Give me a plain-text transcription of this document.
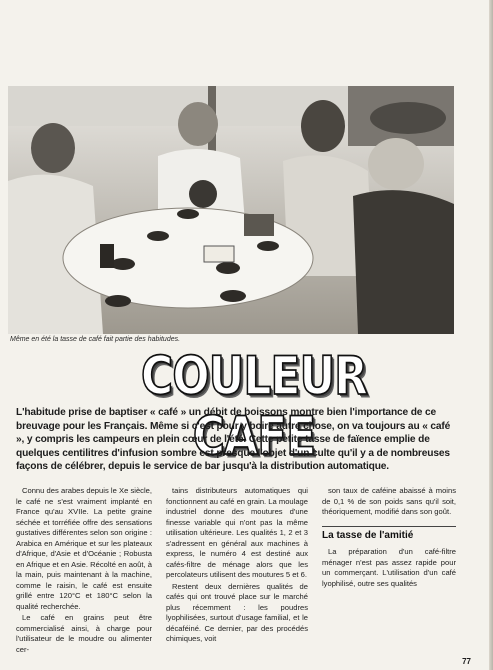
Même en été la tasse de café fait partie des habitudes.
COULEUR CAFE
L'habitude prise de baptiser « café » un débit de boissons montre bien l'importance de ce breuvage pour les Français. Même si c'est pour y boire autre chose, on va toujours au « café », y compris les campeurs en plein cœur de l'été. Cette petite tasse de faïence emplie de quelques centilitres d'infusion sombre est presque l'objet d'un culte qu'il y a de nombreuses façons de célébrer, depuis le service de bar jusqu'à la distribution automatique.

Connu des arabes depuis le Xe siècle, le café ne s'est vraiment implanté en France qu'au XVIIe. La petite graine séchée et torréfiée offre des sensations gustatives différentes selon son origine : Arabica en Amérique et sur les plateaux d'Afrique, d'Asie et d'Océanie ; Robusta en Afrique et en Asie. Récolté en août, à la main, puis maintenant à la machine, comme le raisin, le café est ensuite grillé entre 120°C et 180°C selon la qualité recherchée.

Le café en grains peut être commercialisé ainsi, à charge pour l'utilisateur de le moudre ou alimenter cer-

tains distributeurs automatiques qui fonctionnent au café en grain. La moulage industriel donne des moutures d'une finesse variable qui n'ont pas la même utilisation ultérieure. Les qualités 1, 2 et 3 s'adressent en général aux machines à express, le numéro 4 est destiné aux cafés-filtre de ménage alors que les percolateurs utilisent des moutures 5 et 6.

Restent deux dernières qualités de cafés qui ont trouvé place sur le marché plus récemment : les poudres lyophilisées, surtout d'usage familial, et le décaféiné. Ce dernier, par des procédés chimiques, voit

son taux de caféine abaissé à moins de 0,1 % de son poids sans qu'il soit, théoriquement, modifié dans son goût.

La tasse de l'amitié

La préparation d'un café-filtre ménager n'est pas assez rapide pour un commerçant. L'utilisation d'un café lyophilisé, outre ses qualités

77
